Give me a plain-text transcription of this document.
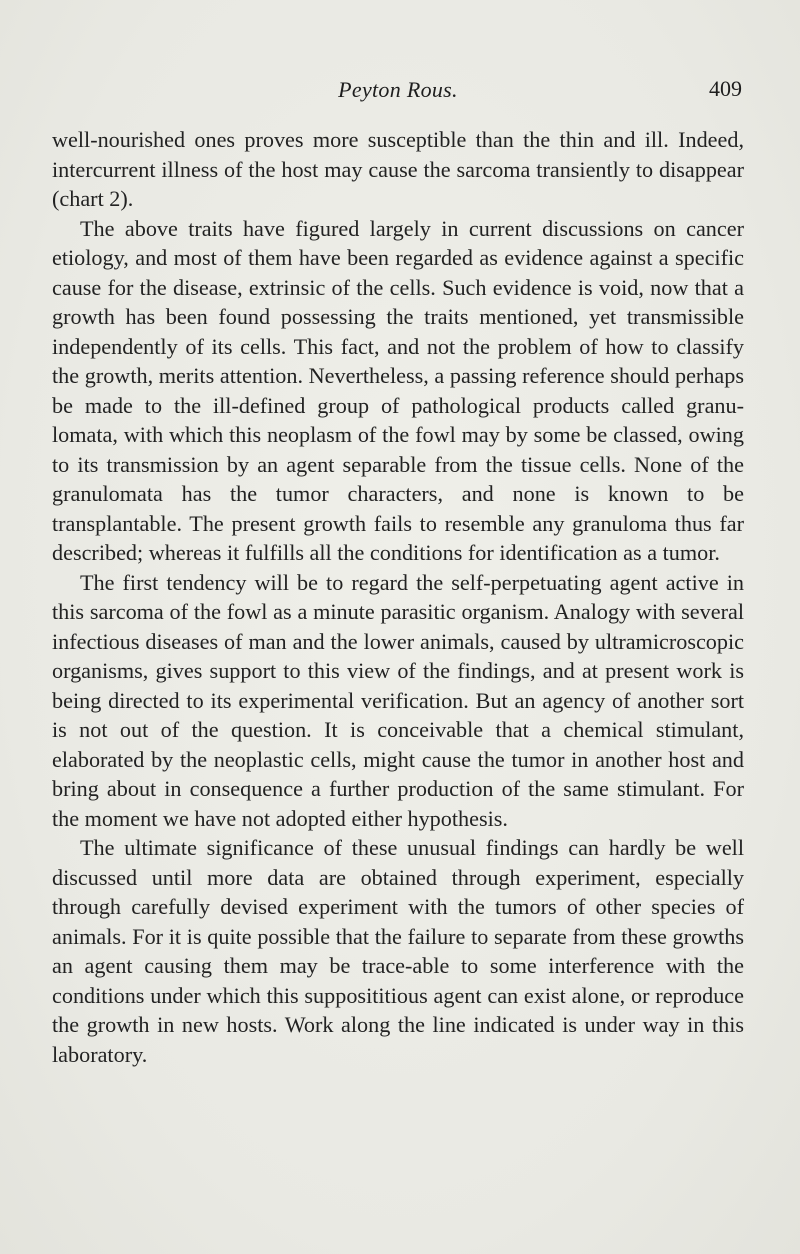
Peyton Rous.	409

well-nourished ones proves more susceptible than the thin and ill. Indeed, intercurrent illness of the host may cause the sarcoma transiently to disappear (chart 2).

The above traits have figured largely in current discussions on cancer etiology, and most of them have been regarded as evidence against a specific cause for the disease, extrinsic of the cells. Such evidence is void, now that a growth has been found possessing the traits mentioned, yet transmissible independently of its cells. This fact, and not the problem of how to classify the growth, merits attention. Nevertheless, a passing reference should perhaps be made to the ill-defined group of pathological products called granu-lomata, with which this neoplasm of the fowl may by some be classed, owing to its transmission by an agent separable from the tissue cells. None of the granulomata has the tumor characters, and none is known to be transplantable. The present growth fails to resemble any granuloma thus far described; whereas it fulfills all the conditions for identification as a tumor.

The first tendency will be to regard the self-perpetuating agent active in this sarcoma of the fowl as a minute parasitic organism. Analogy with several infectious diseases of man and the lower animals, caused by ultramicroscopic organisms, gives support to this view of the findings, and at present work is being directed to its experimental verification. But an agency of another sort is not out of the question. It is conceivable that a chemical stimulant, elaborated by the neoplastic cells, might cause the tumor in another host and bring about in consequence a further production of the same stimulant. For the moment we have not adopted either hypothesis.

The ultimate significance of these unusual findings can hardly be well discussed until more data are obtained through experiment, especially through carefully devised experiment with the tumors of other species of animals. For it is quite possible that the failure to separate from these growths an agent causing them may be trace-able to some interference with the conditions under which this supposititious agent can exist alone, or reproduce the growth in new hosts. Work along the line indicated is under way in this laboratory.
